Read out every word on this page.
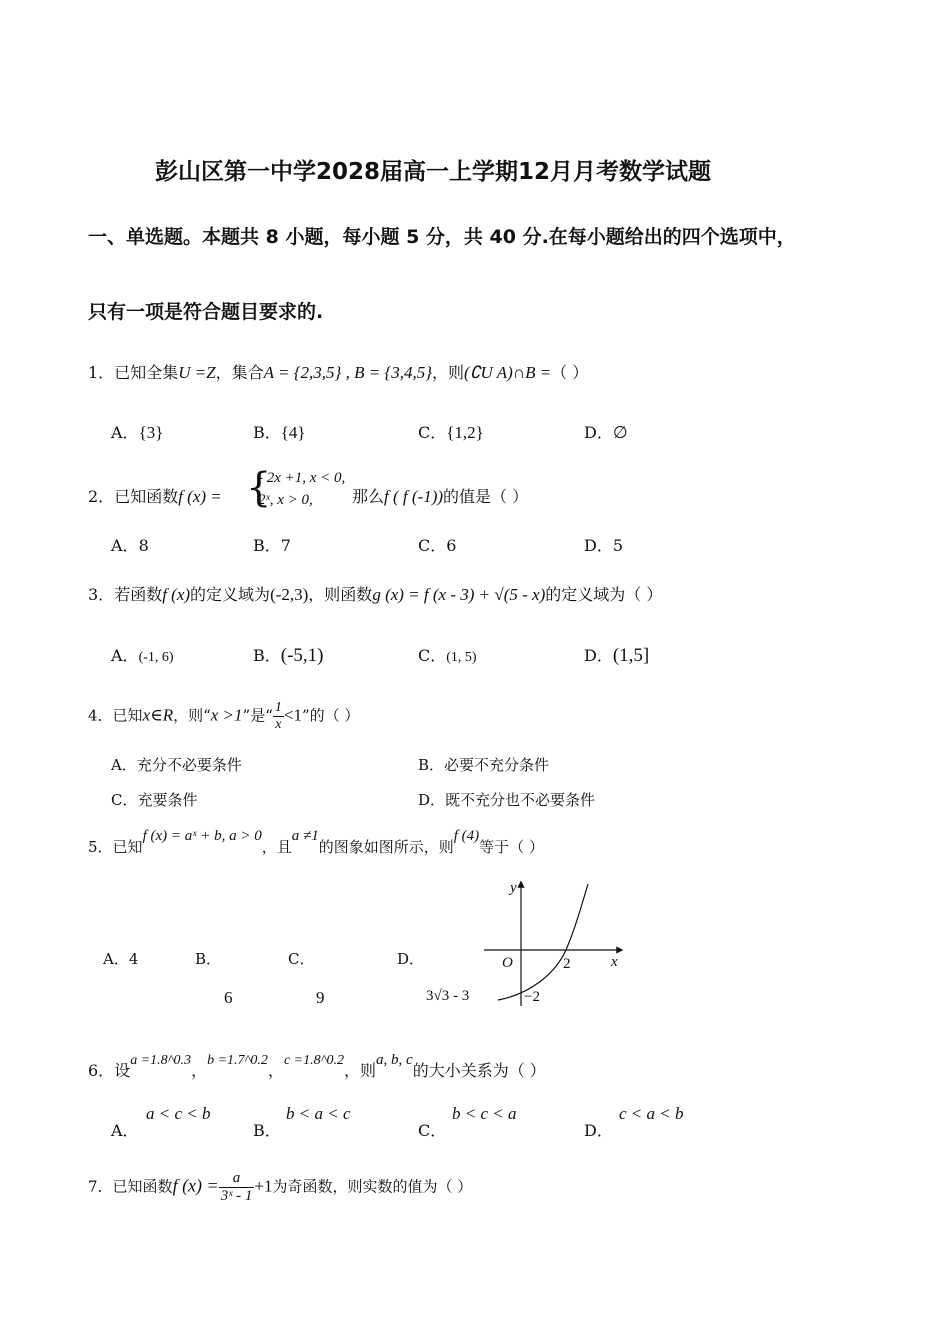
彭山区第一中学2028届高一上学期12月月考数学试题
一、单选题。本题共 8 小题，每小题 5 分，共 40 分.在每小题给出的四个选项中，
只有一项是符合题目要求的.
1．已知全集U =Z，集合A = {2,3,5} , B = {3,4,5}，则(∁U A)∩B =（ ）
A．{3}	B．{4}	C．{1,2}	D．∅
2．已知函数f (x) = {
- 2x +1, x < 0,
2ˣ, x > 0, 那么f ( f (-1))的值是（ ）
A．8	B．7	C．6	D．5
3．若函数f (x)的定义域为(-2,3)，则函数g (x) = f (x - 3) + √(5 - x)的定义域为（ ）
A．(-1, 6)	B．(-5,1)	C．(1, 5)	D．(1,5]
4．已知x∈R，则“x >1”是“ $\frac{1}{x} <1$”的（ ）
A．充分不必要条件	B．必要不充分条件
C．充要条件	D．既不充分也不必要条件
5．已知f (x) = aˣ + b, a > 0，且a ≠1的图象如图所示，则f (4)等于（ ）
A．4	B．
6
C．
9
D．
3√3 - 3
y
x
O	2
−2
6．设a =1.8^0.3，b =1.7^0.2，c =1.8^0.2，则a, b, c的大小关系为（ ）
A．
a < c < b
B．
b < a < c
C．
b < c < a
D．
c < a < b
7．已知函数f $(x) = \frac{a}{\text{3ˣ - 1}} +1$为奇函数，则实数的值为（ ）
